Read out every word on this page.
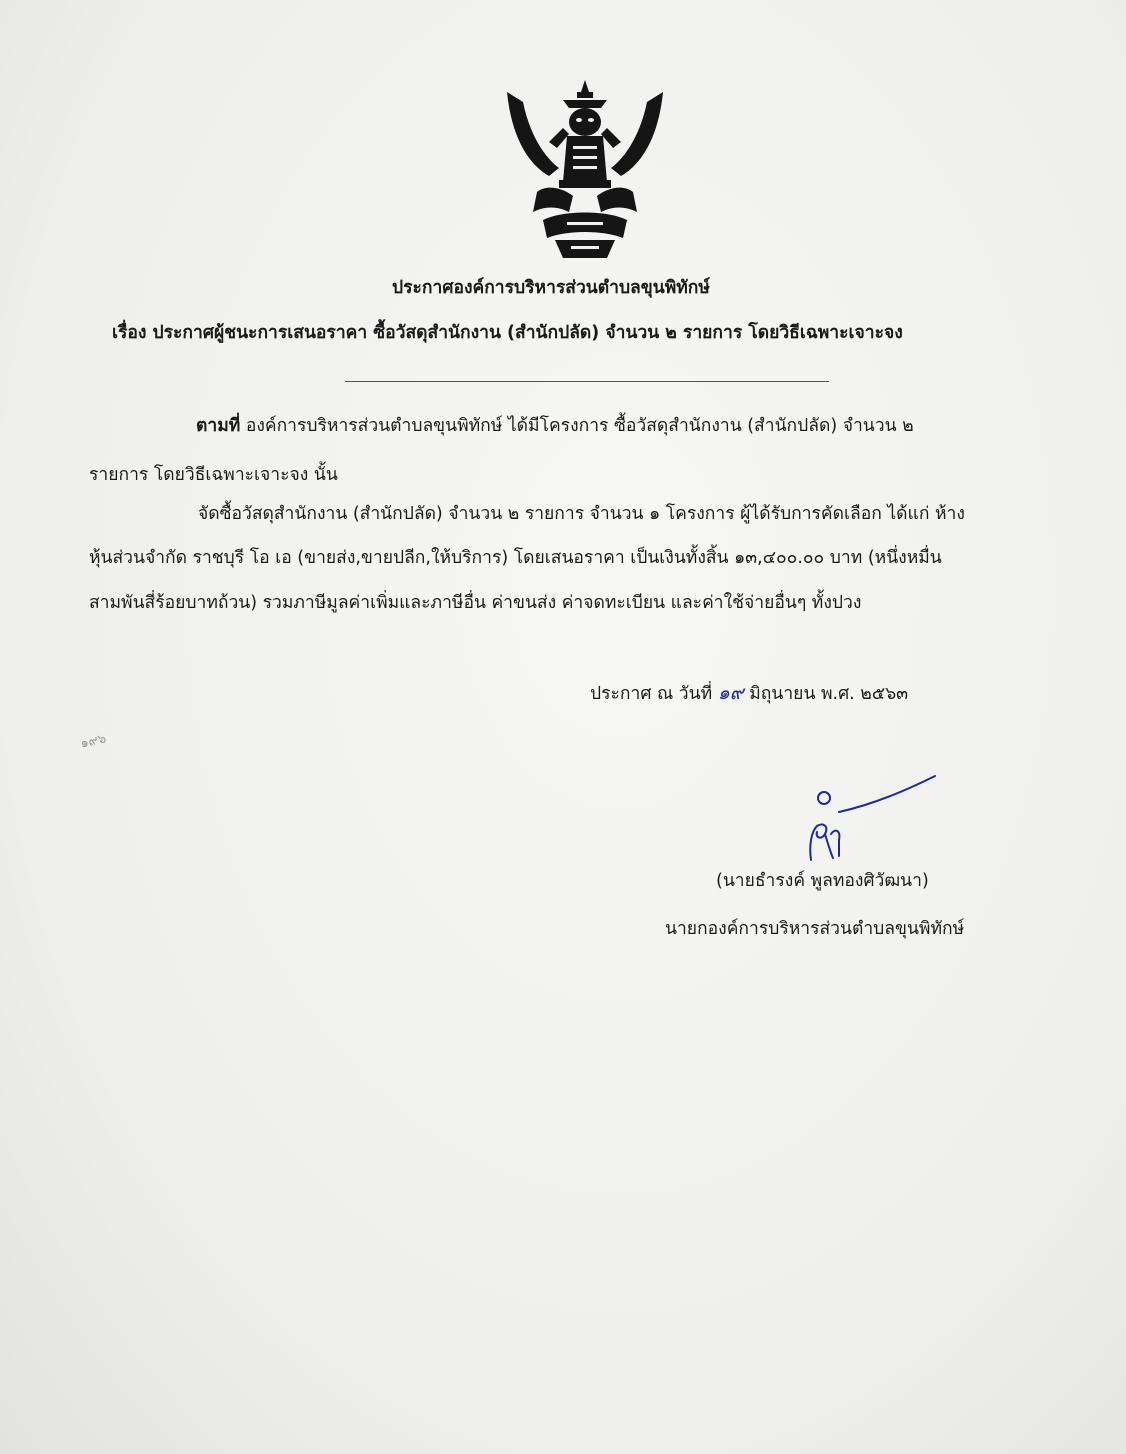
ประกาศองค์การบริหารส่วนตำบลขุนพิทักษ์
เรื่อง ประกาศผู้ชนะการเสนอราคา ซื้อวัสดุสำนักงาน (สำนักปลัด) จำนวน ๒ รายการ โดยวิธีเฉพาะเจาะจง
ตามที่ องค์การบริหารส่วนตำบลขุนพิทักษ์ ได้มีโครงการ ซื้อวัสดุสำนักงาน (สำนักปลัด) จำนวน ๒
รายการ โดยวิธีเฉพาะเจาะจง นั้น
จัดซื้อวัสดุสำนักงาน (สำนักปลัด) จำนวน ๒ รายการ จำนวน ๑ โครงการ ผู้ได้รับการคัดเลือก ได้แก่ ห้าง
หุ้นส่วนจำกัด ราชบุรี โอ เอ (ขายส่ง,ขายปลีก,ให้บริการ) โดยเสนอราคา เป็นเงินทั้งสิ้น ๑๓,๔๐๐.๐๐ บาท (หนึ่งหมื่น
สามพันสี่ร้อยบาทถ้วน) รวมภาษีมูลค่าเพิ่มและภาษีอื่น ค่าขนส่ง ค่าจดทะเบียน และค่าใช้จ่ายอื่นๆ ทั้งปวง
ประกาศ ณ วันที่ ๑๙ มิถุนายน พ.ศ. ๒๕๖๓
๑๙๖
(นายธำรงค์ พูลทองศิวัฒนา)
นายกองค์การบริหารส่วนตำบลขุนพิทักษ์
